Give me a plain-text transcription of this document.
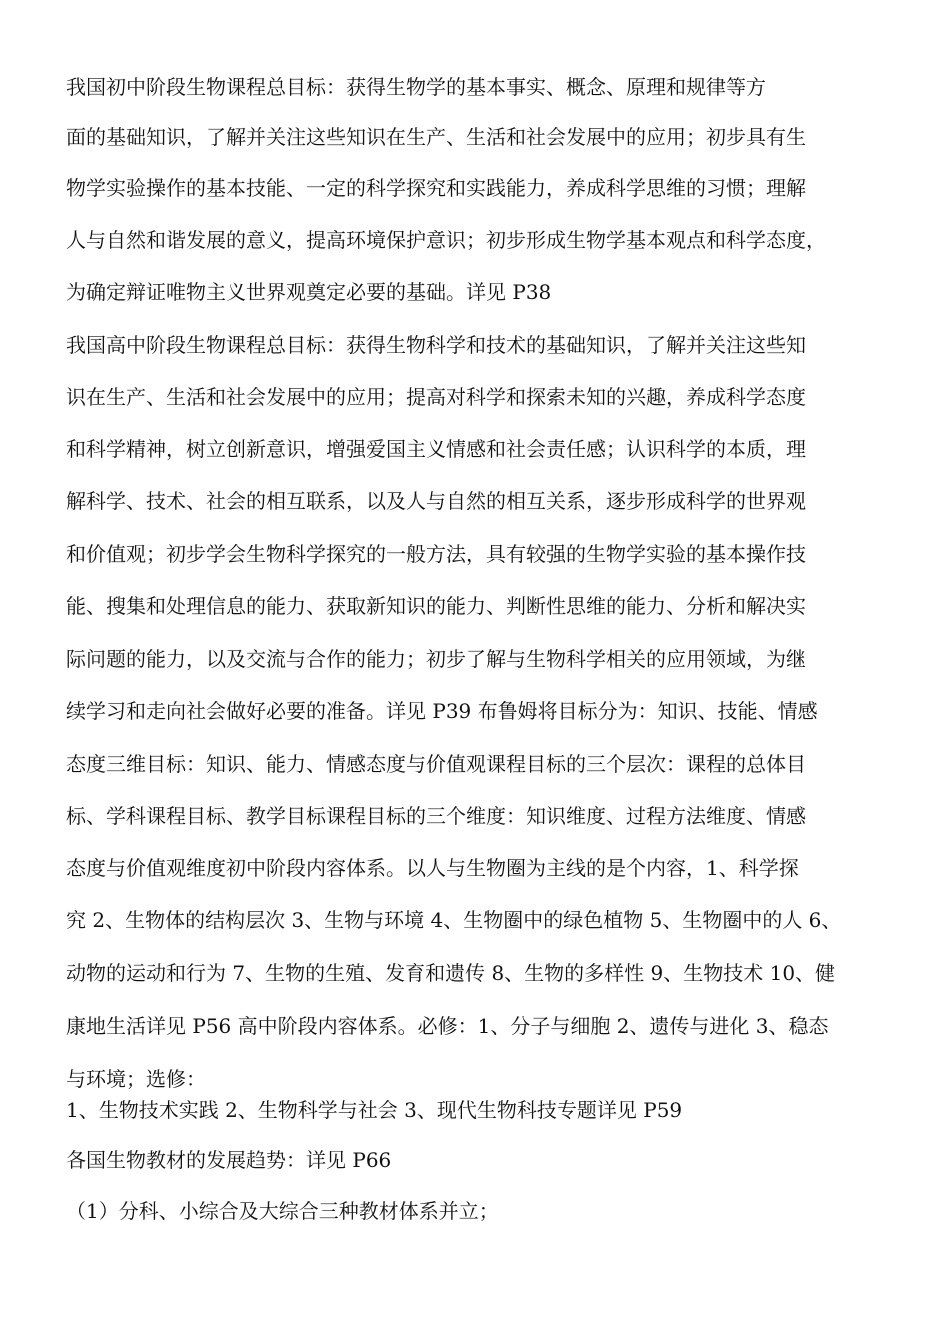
我国初中阶段生物课程总目标：获得生物学的基本事实、概念、原理和规律等方
面的基础知识，了解并关注这些知识在生产、生活和社会发展中的应用；初步具有生
物学实验操作的基本技能、一定的科学探究和实践能力，养成科学思维的习惯；理解
人与自然和谐发展的意义，提高环境保护意识；初步形成生物学基本观点和科学态度，
为确定辩证唯物主义世界观奠定必要的基础。详见 P38
我国高中阶段生物课程总目标：获得生物科学和技术的基础知识，了解并关注这些知
识在生产、生活和社会发展中的应用；提高对科学和探索未知的兴趣，养成科学态度
和科学精神，树立创新意识，增强爱国主义情感和社会责任感；认识科学的本质，理
解科学、技术、社会的相互联系，以及人与自然的相互关系，逐步形成科学的世界观
和价值观；初步学会生物科学探究的一般方法，具有较强的生物学实验的基本操作技
能、搜集和处理信息的能力、获取新知识的能力、判断性思维的能力、分析和解决实
际问题的能力，以及交流与合作的能力；初步了解与生物科学相关的应用领域，为继
续学习和走向社会做好必要的准备。详见 P39 布鲁姆将目标分为：知识、技能、情感
态度三维目标：知识、能力、情感态度与价值观课程目标的三个层次：课程的总体目
标、学科课程目标、教学目标课程目标的三个维度：知识维度、过程方法维度、情感
态度与价值观维度初中阶段内容体系。以人与生物圈为主线的是个内容，1、科学探
究 2、生物体的结构层次 3、生物与环境 4、生物圈中的绿色植物 5、生物圈中的人 6、
动物的运动和行为 7、生物的生殖、发育和遗传 8、生物的多样性 9、生物技术 10、健
康地生活详见 P56 高中阶段内容体系。必修：1、分子与细胞 2、遗传与进化 3、稳态
与环境；选修：
1、生物技术实践 2、生物科学与社会 3、现代生物科技专题详见 P59
各国生物教材的发展趋势：详见 P66
（1）分科、小综合及大综合三种教材体系并立；
